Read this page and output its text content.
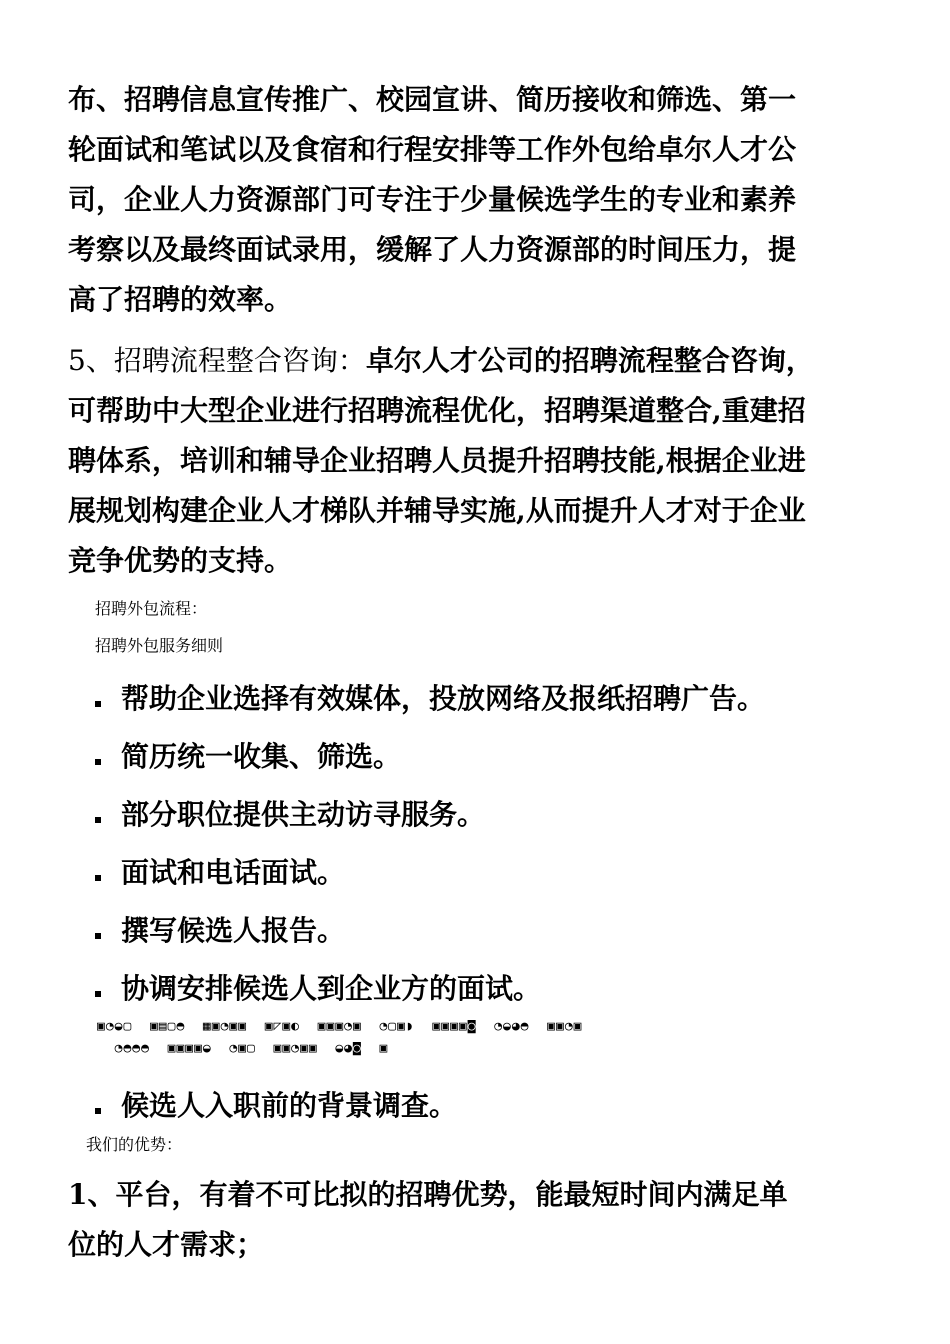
布、招聘信息宣传推广、校园宣讲、简历接收和筛选、第一

轮面试和笔试以及食宿和行程安排等工作外包给卓尔人才公

司，企业人力资源部门可专注于少量候选学生的专业和素养

考察以及最终面试录用，缓解了人力资源部的时间压力，提

高了招聘的效率。

5、招聘流程整合咨询：卓尔人才公司的招聘流程整合咨询，

可帮助中大型企业进行招聘流程优化，招聘渠道整合,重建招

聘体系，培训和辅导企业招聘人员提升招聘技能,根据企业进

展规划构建企业人才梯队并辅导实施,从而提升人才对于企业

竞争优势的支持。

招聘外包流程：
招聘外包服务细则
帮助企业选择有效媒体，投放网络及报纸招聘广告。
简历统一收集、筛选。
部分职位提供主动访寻服务。
面试和电话面试。
撰写候选人报告。
协调安排候选人到企业方的面试。
▣◔◒▢  ▣▤▢◓  ▦▣◔▣▣  ▣◸▣◐  ▣▣▣◔▣  ◔▢▣◗  ▣▣▣▣◙  ◔◒◕◓  ▣▣◔▣
◔◓◓◓  ▣▣▣▣◒  ◔▣▢  ▣▣◔▣▣  ◒◕◙  ▣
候选人入职前的背景调查。
我们的优势：

1、平台，有着不可比拟的招聘优势，能最短时间内满足单

位的人才需求；
